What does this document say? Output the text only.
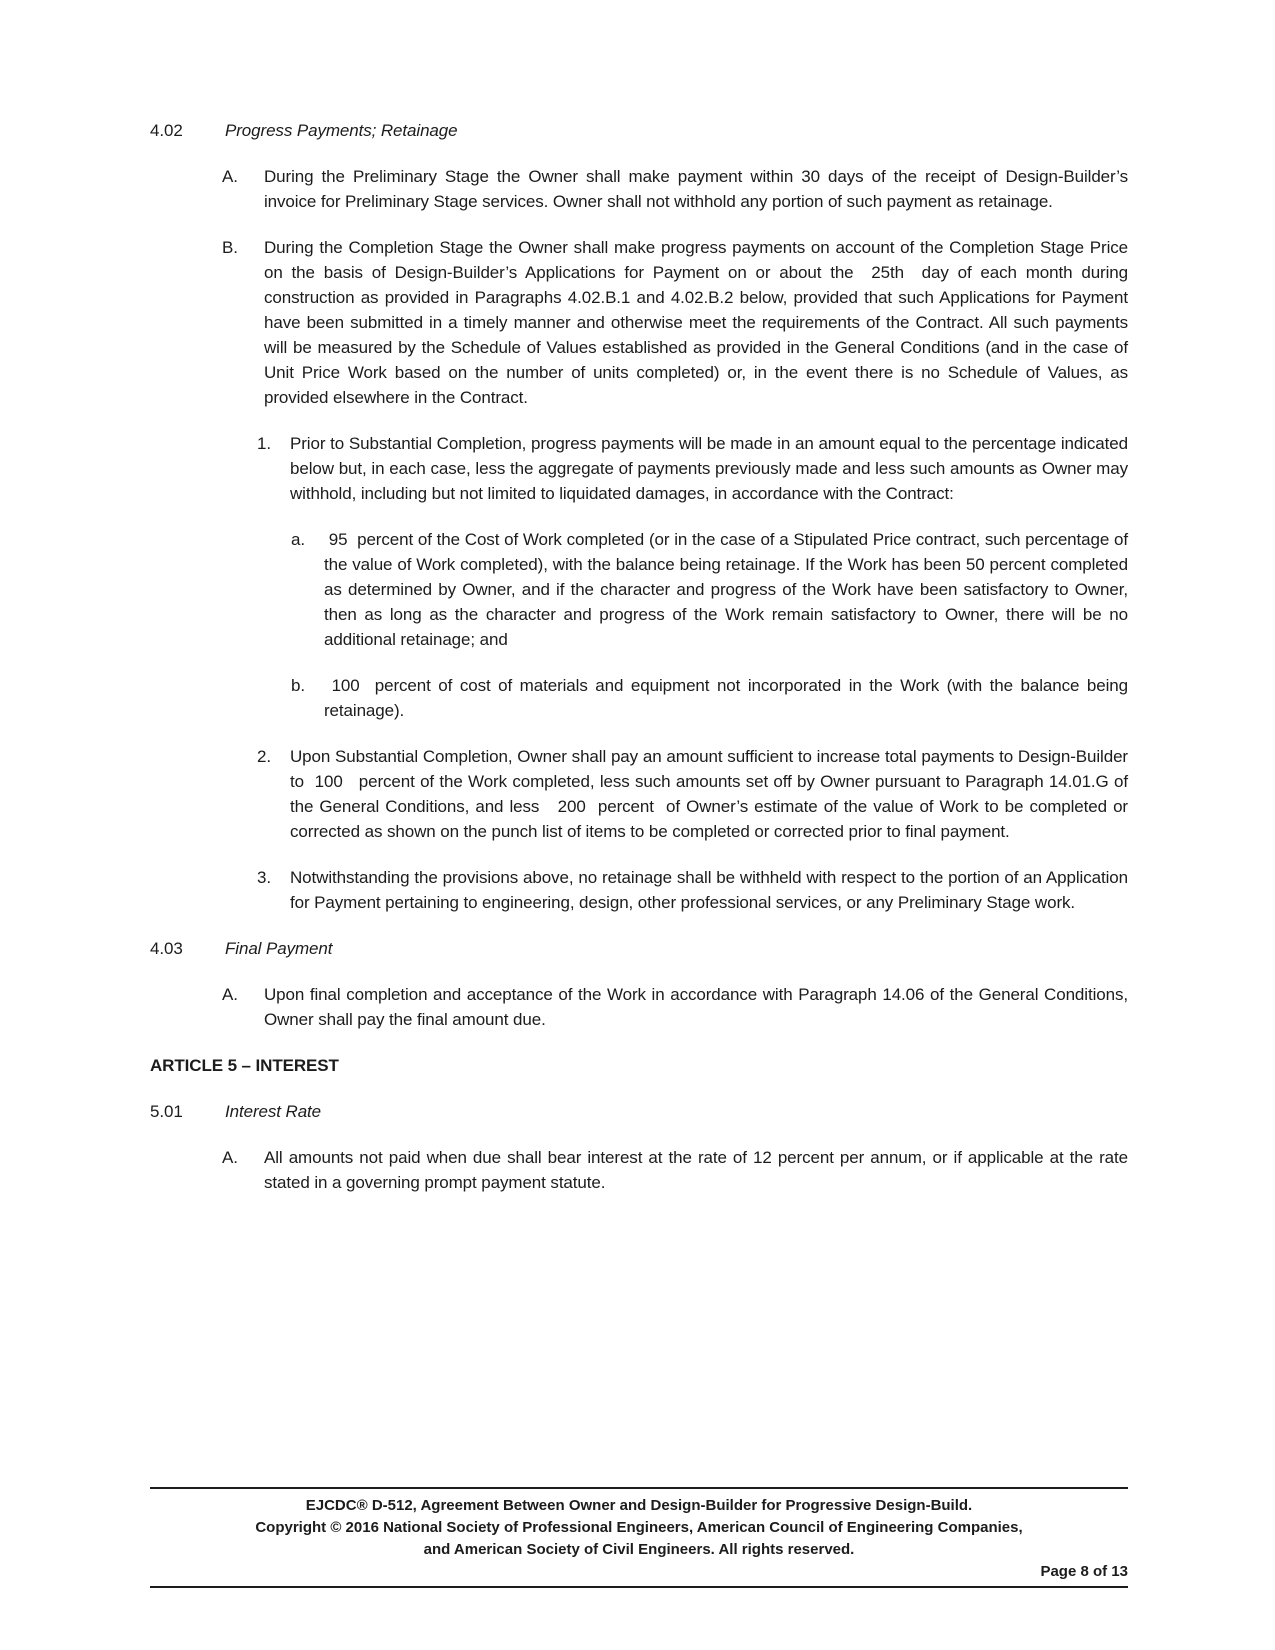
4.02	Progress Payments; Retainage
A.	During the Preliminary Stage the Owner shall make payment within 30 days of the receipt of Design-Builder’s invoice for Preliminary Stage services. Owner shall not withhold any portion of such payment as retainage.
B.	During the Completion Stage the Owner shall make progress payments on account of the Completion Stage Price on the basis of Design-Builder’s Applications for Payment on or about the  25th  day of each month during construction as provided in Paragraphs 4.02.B.1 and 4.02.B.2 below, provided that such Applications for Payment have been submitted in a timely manner and otherwise meet the requirements of the Contract. All such payments will be measured by the Schedule of Values established as provided in the General Conditions (and in the case of Unit Price Work based on the number of units completed) or, in the event there is no Schedule of Values, as provided elsewhere in the Contract.
1.	Prior to Substantial Completion, progress payments will be made in an amount equal to the percentage indicated below but, in each case, less the aggregate of payments previously made and less such amounts as Owner may withhold, including but not limited to liquidated damages, in accordance with the Contract:
a.	95  percent of the Cost of Work completed (or in the case of a Stipulated Price contract, such percentage of the value of Work completed), with the balance being retainage. If the Work has been 50 percent completed as determined by Owner, and if the character and progress of the Work have been satisfactory to Owner, then as long as the character and progress of the Work remain satisfactory to Owner, there will be no additional retainage; and
b.	100  percent of cost of materials and equipment not incorporated in the Work (with the balance being retainage).
2.	Upon Substantial Completion, Owner shall pay an amount sufficient to increase total payments to Design-Builder to  100   percent of the Work completed, less such amounts set off by Owner pursuant to Paragraph 14.01.G of the General Conditions, and less   200  percent  of Owner’s estimate of the value of Work to be completed or corrected as shown on the punch list of items to be completed or corrected prior to final payment.
3.	Notwithstanding the provisions above, no retainage shall be withheld with respect to the portion of an Application for Payment pertaining to engineering, design, other professional services, or any Preliminary Stage work.
4.03	Final Payment
A.	Upon final completion and acceptance of the Work in accordance with Paragraph 14.06 of the General Conditions, Owner shall pay the final amount due.
ARTICLE 5 – INTEREST
5.01	Interest Rate
A.	All amounts not paid when due shall bear interest at the rate of 12 percent per annum, or if applicable at the rate stated in a governing prompt payment statute.
EJCDC® D-512, Agreement Between Owner and Design-Builder for Progressive Design-Build.
Copyright © 2016 National Society of Professional Engineers, American Council of Engineering Companies,
and American Society of Civil Engineers. All rights reserved.
Page 8 of 13
